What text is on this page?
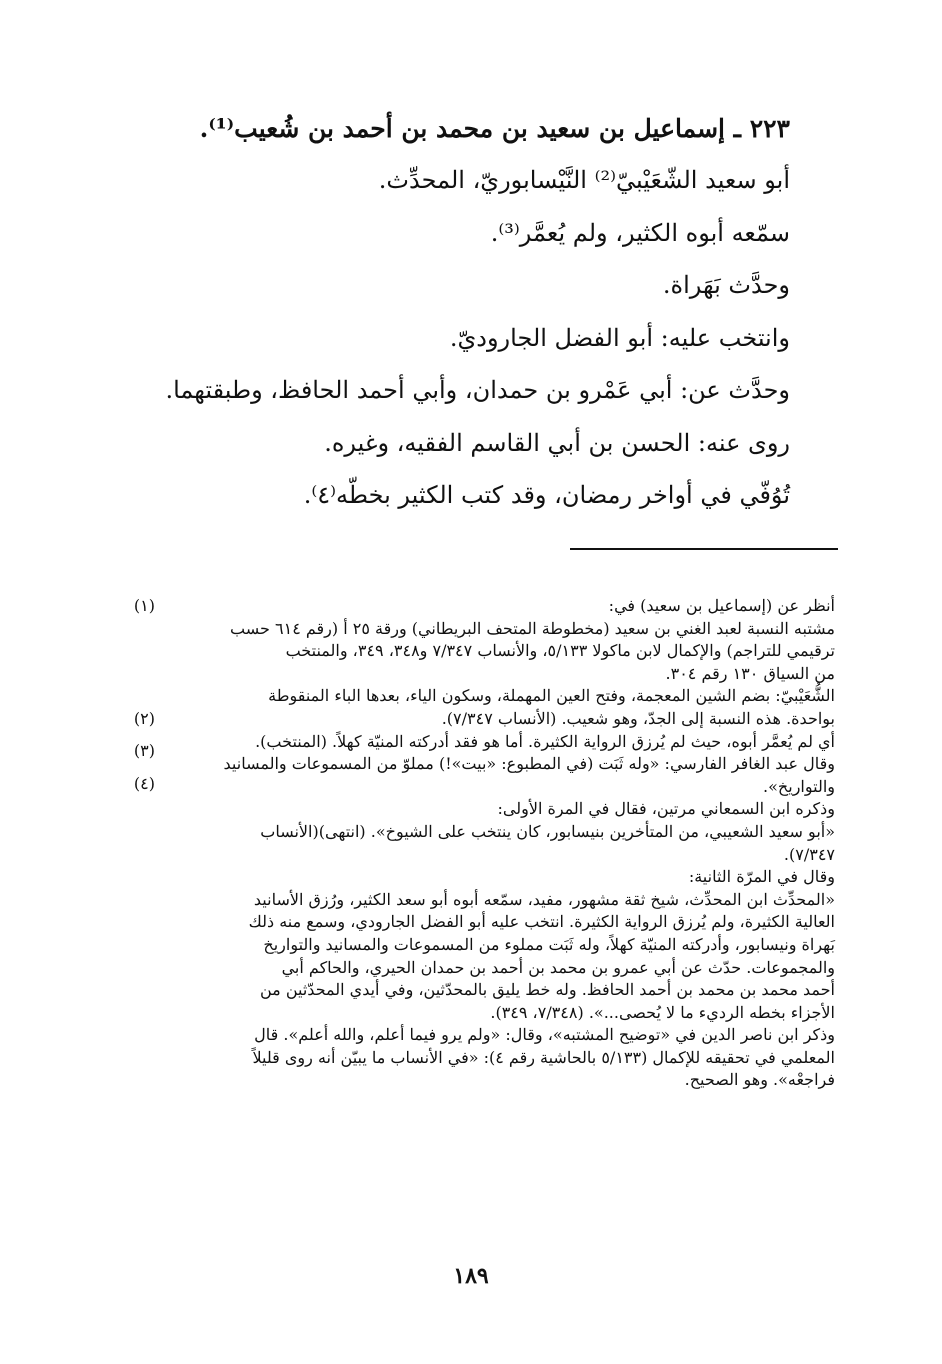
٢٢٣ ـ إسماعيل بن سعيد بن محمد بن أحمد بن شُعيب⁽¹⁾.

أبو سعيد الشّعَيْبيّ⁽²⁾ النَّيْسابوريّ، المحدِّث.

سمّعه أبوه الكثير، ولم يُعمَّر⁽³⁾.

وحدَّث بَهَراة.

وانتخب عليه: أبو الفضل الجاروديّ.

وحدَّث عن: أبي عَمْرو بن حمدان، وأبي أحمد الحافظ، وطبقتهما.

روى عنه: الحسن بن أبي القاسم الفقيه، وغيره.

تُوُفّي في أواخر رمضان، وقد كتب الكثير بخطّه⁽٤⁾.

أنظر عن (إسماعيل بن سعيد) في:
مشتبه النسبة لعبد الغني بن سعيد (مخطوطة المتحف البريطاني) ورقة ٢٥ أ (رقم ٦١٤ حسب
ترقيمي للتراجم) والإكمال لابن ماكولا ٥/١٣٣، والأنساب ٧/٣٤٧ و٣٤٨، ٣٤٩، والمنتخب
من السياق ١٣٠ رقم ٣٠٤.
الشُّعَيْبيّ: بضم الشين المعجمة، وفتح العين المهملة، وسكون الياء، بعدها الباء المنقوطة
بواحدة. هذه النسبة إلى الجدّ، وهو شعيب. (الأنساب ٧/٣٤٧).
أي لم يُعمَّر أبوه، حيث لم يُرزق الرواية الكثيرة. أما هو فقد أدركته المنيّة كهلاً. (المنتخب).
وقال عبد الغافر الفارسي: «وله ثَبَت (في المطبوع: «بيت»!) مملوّ من المسموعات والمسانيد
والتواريخ».
وذكره ابن السمعاني مرتين، فقال في المرة الأولى:
«أبو سعيد الشعيبي، من المتأخرين بنيسابور، كان ينتخب على الشيوخ». (انتهى)(الأنساب
٧/٣٤٧).
وقال في المرّة الثانية:
«المحدِّث ابن المحدِّث، شيخ ثقة مشهور، مفيد، سمّعه أبوه أبو سعد الكثير، ورُزق الأسانيد
العالية الكثيرة، ولم يُرزق الرواية الكثيرة. انتخب عليه أبو الفضل الجارودي، وسمع منه ذلك
بَهراة ونيسابور، وأدركته المنيّة كهلاً، وله ثَبَت مملوء من المسموعات والمسانيد والتواريخ
والمجموعات. حدّث عن أبي عمرو بن محمد بن أحمد بن حمدان الحيري، والحاكم أبي
أحمد محمد بن محمد بن أحمد الحافظ. وله خط يليق بالمحدّثين، وفي أيدي المحدّثين من
الأجزاء بخطه الرديء ما لا يُحصى...». (٧/٣٤٨، ٣٤٩).
وذكر ابن ناصر الدين في «توضيح المشتبه»، وقال: «ولم يرو فيما أعلم، والله أعلم». قال
المعلمي في تحقيقه للإكمال (٥/١٣٣ بالحاشية رقم ٤): «في الأنساب ما يبيّن أنه روى قليلاً
فراجعْه». وهو الصحيح.
(١)
(٢)
(٣)
(٤)
١٨٩
